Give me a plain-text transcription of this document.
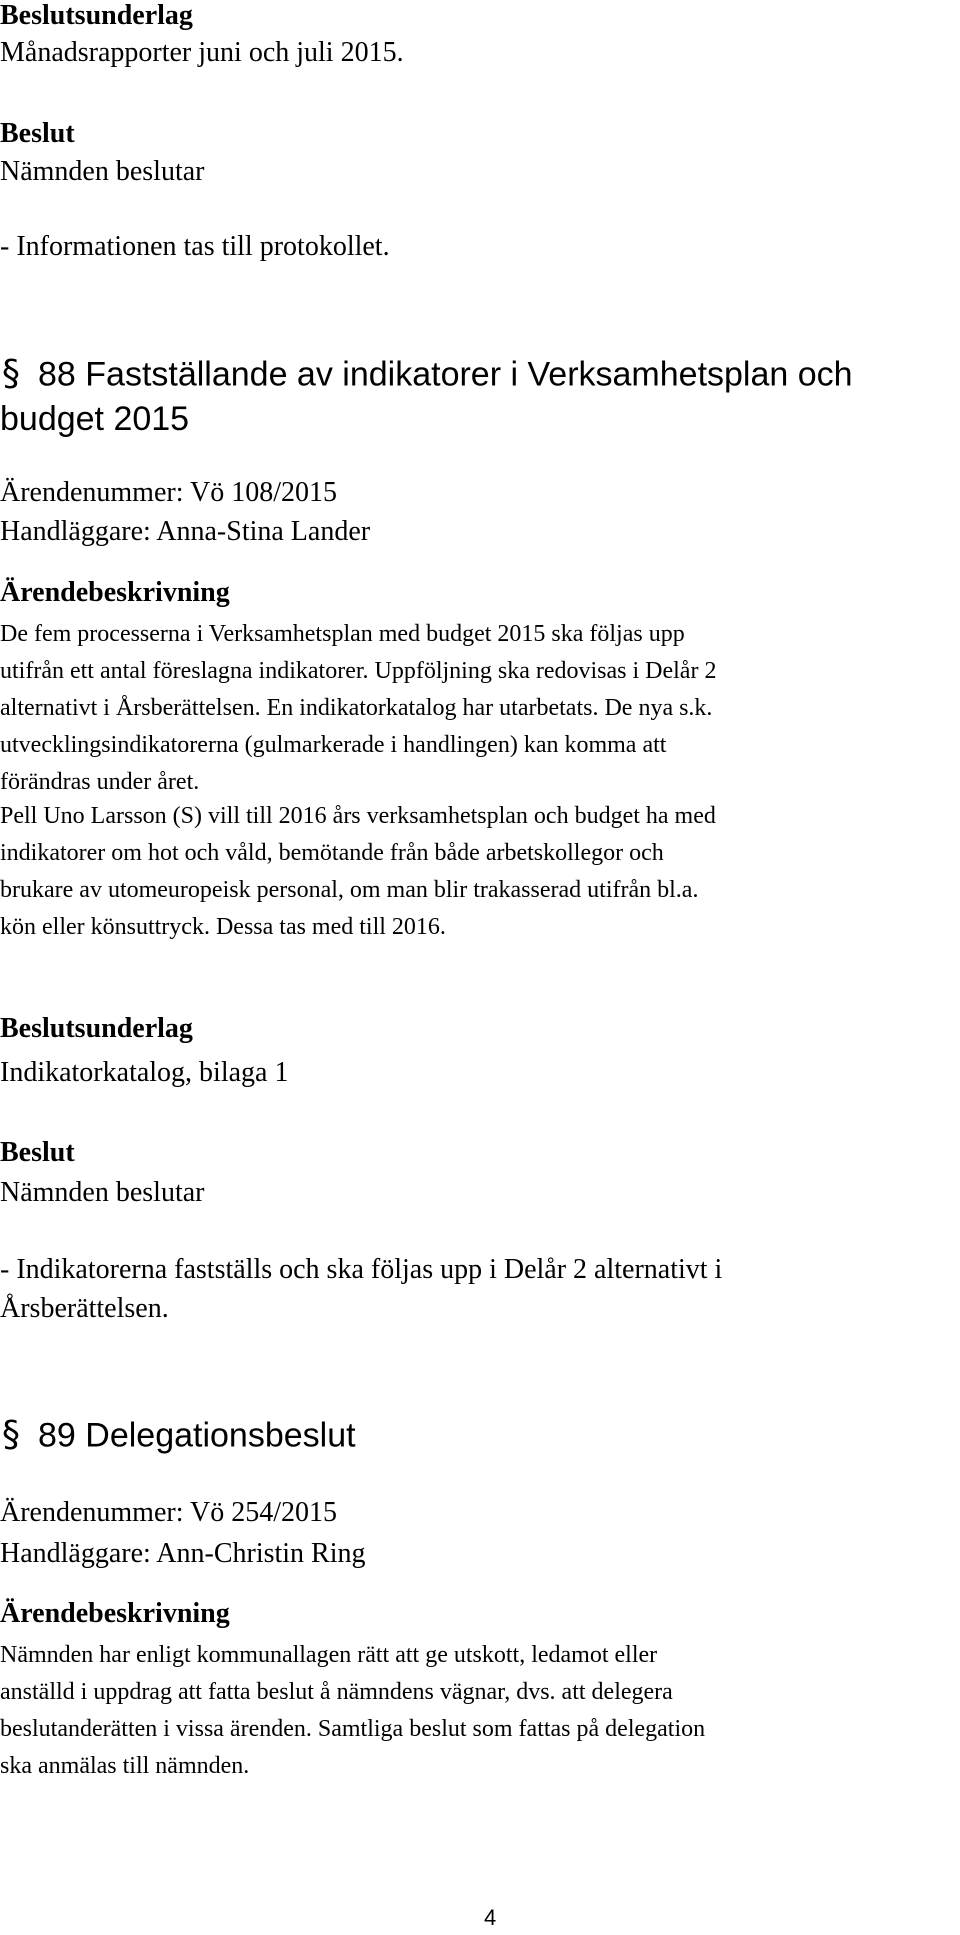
Beslutsunderlag

Månadsrapporter juni och juli 2015.

Beslut

Nämnden beslutar

- Informationen tas till protokollet.

§ 88 Fastställande av indikatorer i Verksamhetsplan och

budget 2015

Ärendenummer: Vö 108/2015

Handläggare: Anna-Stina Lander

Ärendebeskrivning

De fem processerna i Verksamhetsplan med budget 2015 ska följas upp
utifrån ett antal föreslagna indikatorer. Uppföljning ska redovisas i Delår 2
alternativt i Årsberättelsen. En indikatorkatalog har utarbetats. De nya s.k.
utvecklingsindikatorerna (gulmarkerade i handlingen) kan komma att
förändras under året.
Pell Uno Larsson (S) vill till 2016 års verksamhetsplan och budget ha med
indikatorer om hot och våld, bemötande från både arbetskollegor och
brukare av utomeuropeisk personal, om man blir trakasserad utifrån bl.a.
kön eller könsuttryck. Dessa tas med till 2016.

Beslutsunderlag

Indikatorkatalog, bilaga 1

Beslut

Nämnden beslutar

- Indikatorerna fastställs och ska följas upp i Delår 2 alternativt i

Årsberättelsen.

§ 89 Delegationsbeslut

Ärendenummer: Vö 254/2015

Handläggare: Ann-Christin Ring

Ärendebeskrivning

Nämnden har enligt kommunallagen rätt att ge utskott, ledamot eller
anställd i uppdrag att fatta beslut å nämndens vägnar, dvs. att delegera
beslutanderätten i vissa ärenden. Samtliga beslut som fattas på delegation
ska anmälas till nämnden.
4
